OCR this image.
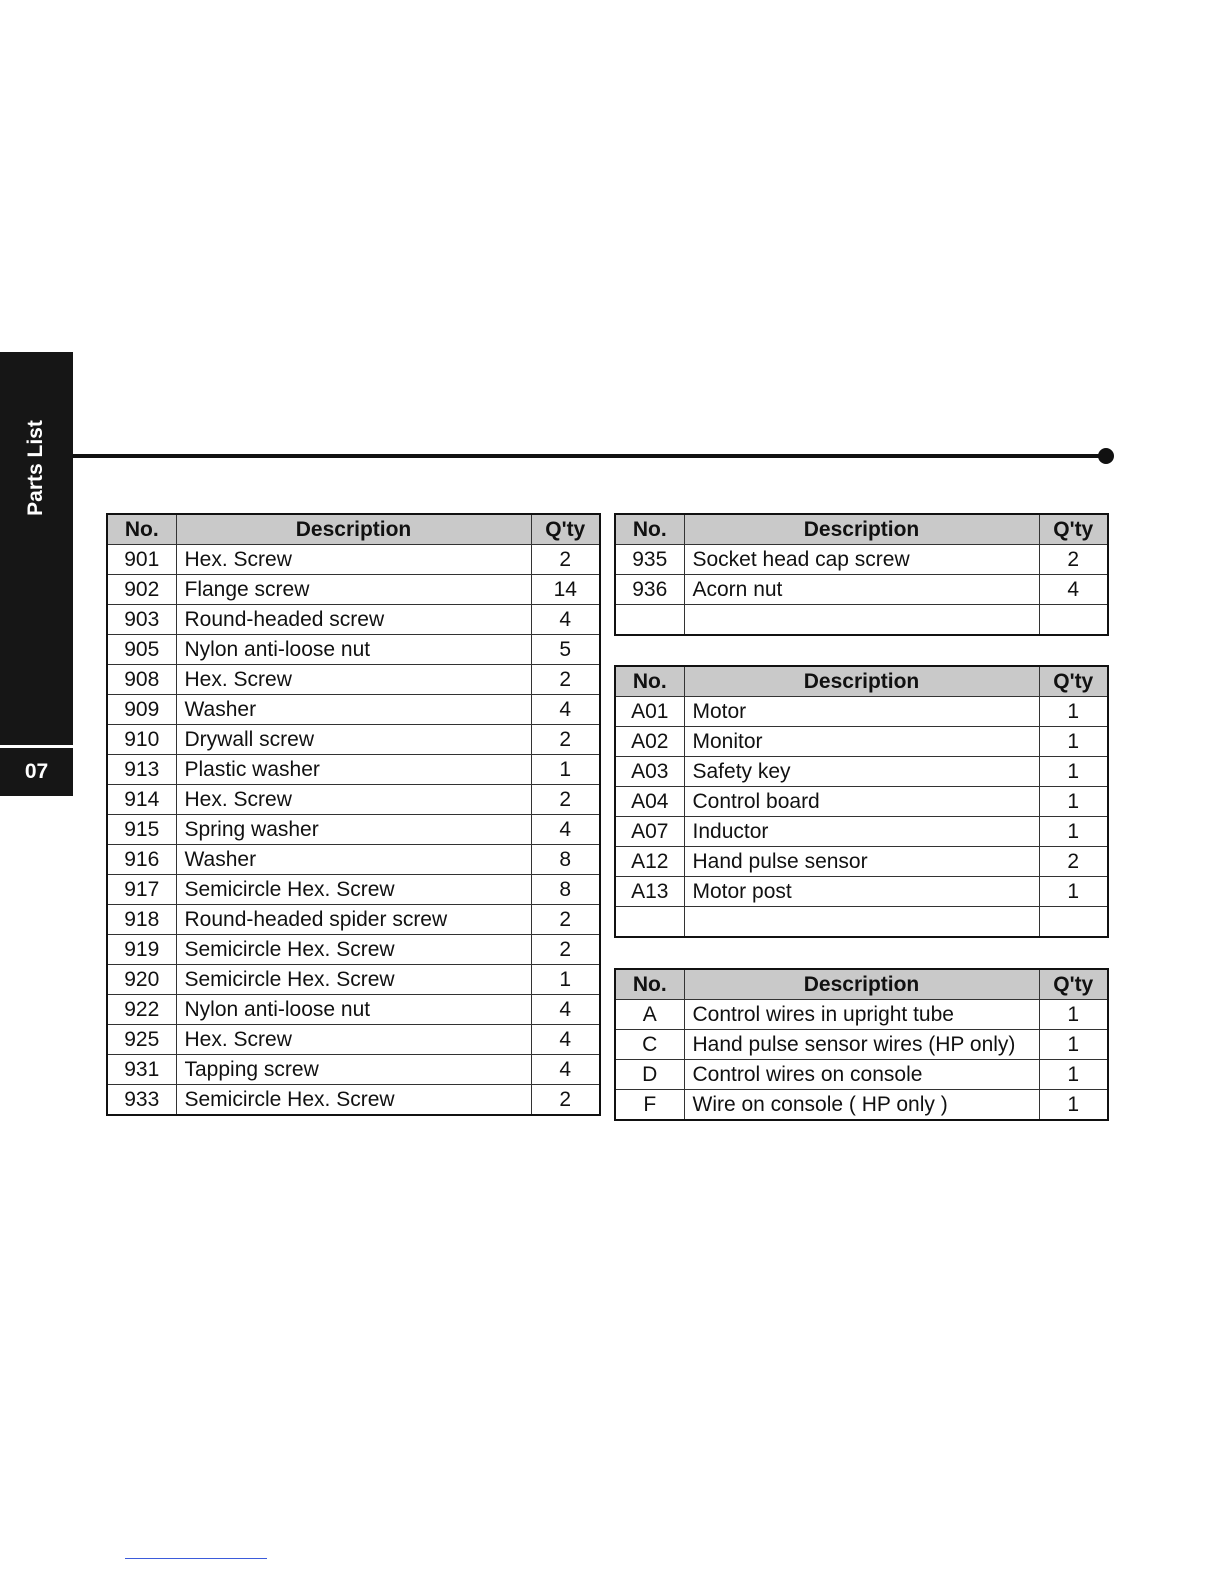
Parts List
07
No.	Description	Q'ty
901	Hex. Screw	2
902	Flange screw	14
903	Round-headed screw	4
905	Nylon anti-loose nut	5
908	Hex. Screw	2
909	Washer	4
910	Drywall screw	2
913	Plastic washer	1
914	Hex. Screw	2
915	Spring washer	4
916	Washer	8
917	Semicircle Hex. Screw	8
918	Round-headed spider screw	2
919	Semicircle Hex. Screw	2
920	Semicircle Hex. Screw	1
922	Nylon anti-loose nut	4
925	Hex. Screw	4
931	Tapping screw	4
933	Semicircle Hex. Screw	2
No.	Description	Q'ty
935	Socket head cap screw	2
936	Acorn nut	4

No.	Description	Q'ty
A01	Motor	1
A02	Monitor	1
A03	Safety key	1
A04	Control board	1
A07	Inductor	1
A12	Hand pulse sensor	2
A13	Motor post	1

No.	Description	Q'ty
A	Control wires in upright tube	1
C	Hand pulse sensor wires (HP only)	1
D	Control wires on console	1
F	Wire on console ( HP only )	1
